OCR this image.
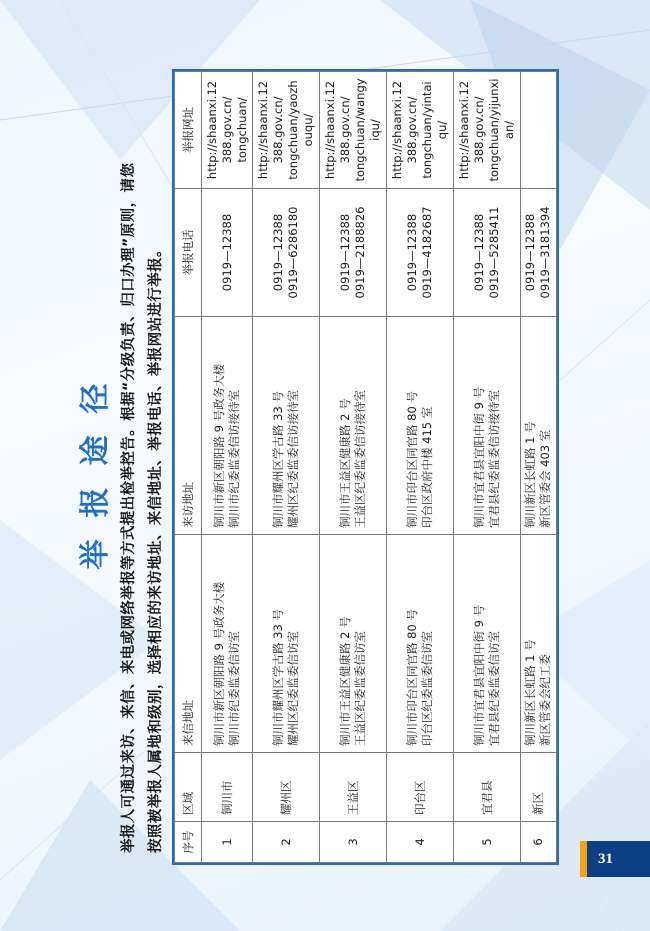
31
举报途径 举报人可通过来访、来信、来电或网络举报等方式提出检举控告。根据“分级负责、归口办理”原则，请您 按照被举报人属地和级别，选择相应的来访地址、来信地址、举报电话、举报网站进行举报。	序号	区域	来信地址	来访地址	举报电话	举报网址
1	铜川市	铜川市新区朝阳路 9 号政务大楼 铜川市纪委监委信访室	铜川市新区朝阳路 9 号政务大楼 铜川市纪委监委信访接待室	0919—12388	http://shaanxi.12388.gov.cn/ tongchuan/

2	耀州区	铜川市耀州区学古路 33 号 耀州区纪委监委信访室	铜川市耀州区学古路 33 号 耀州区纪委监委信访接待室	0919—12388 0919—6286180	http://shaanxi.12388.gov.cn/ tongchuan/yaozhouqu/

3	王益区	铜川市王益区健康路 2 号 王益区纪委监委信访室	铜川市王益区健康路 2 号 王益区纪委监委信访接待室	0919—12388 0919—2188826	http://shaanxi.12388.gov.cn/ tongchuan/wangyiqu/

4	印台区	铜川市印台区同官路 80 号 印台区纪委监委信访室	铜川市印台区同官路 80 号 印台区政府中楼 415 室	0919—12388 0919—4182687	http://shaanxi.12388.gov.cn/ tongchuan/yintaiqu/

5	宜君县	铜川市宜君县宜阳中街 9 号 宜君县纪委监委信访室	铜川市宜君县宜阳中街 9 号 宜君县纪委监委信访接待室	0919—12388 0919—5285411	http://shaanxi.12388.gov.cn/ tongchuan/yijunxian/

6	新区	铜川新区长虹路 1 号 新区管委会纪工委	铜川新区长虹路 1 号 新区管委会 403 室	0919—12388 0919—3181394	
